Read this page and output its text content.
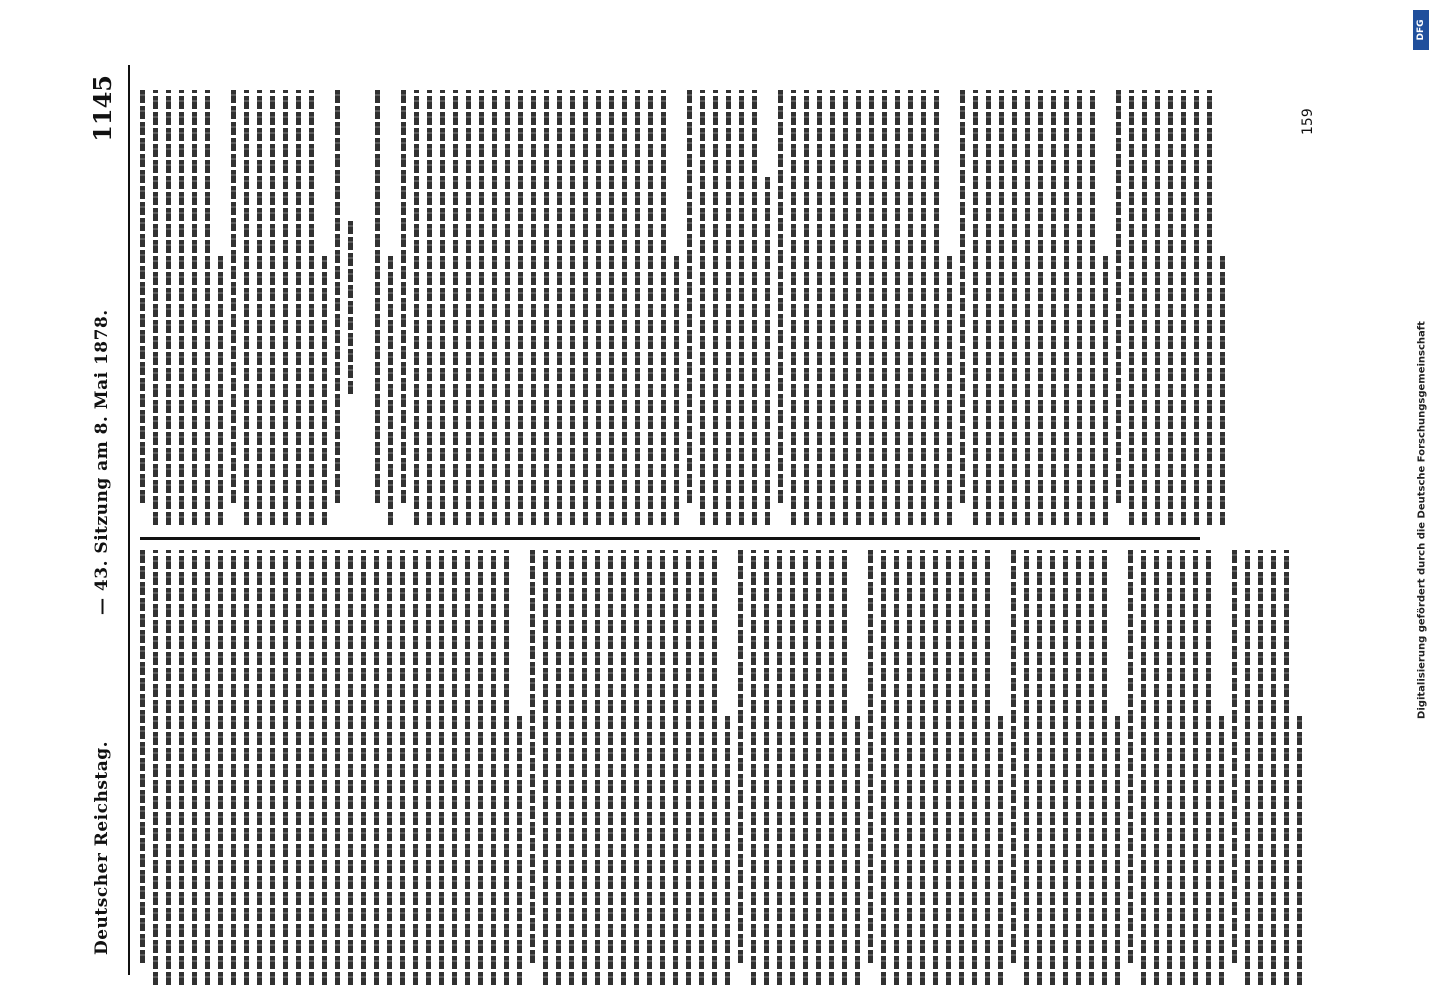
Deutscher Reichstag.
— 43. Sitzung am 8. Mai 1878.
1145	159
DFG
Digitalisierung gefördert durch die Deutsche Forschungsgemeinschaft
